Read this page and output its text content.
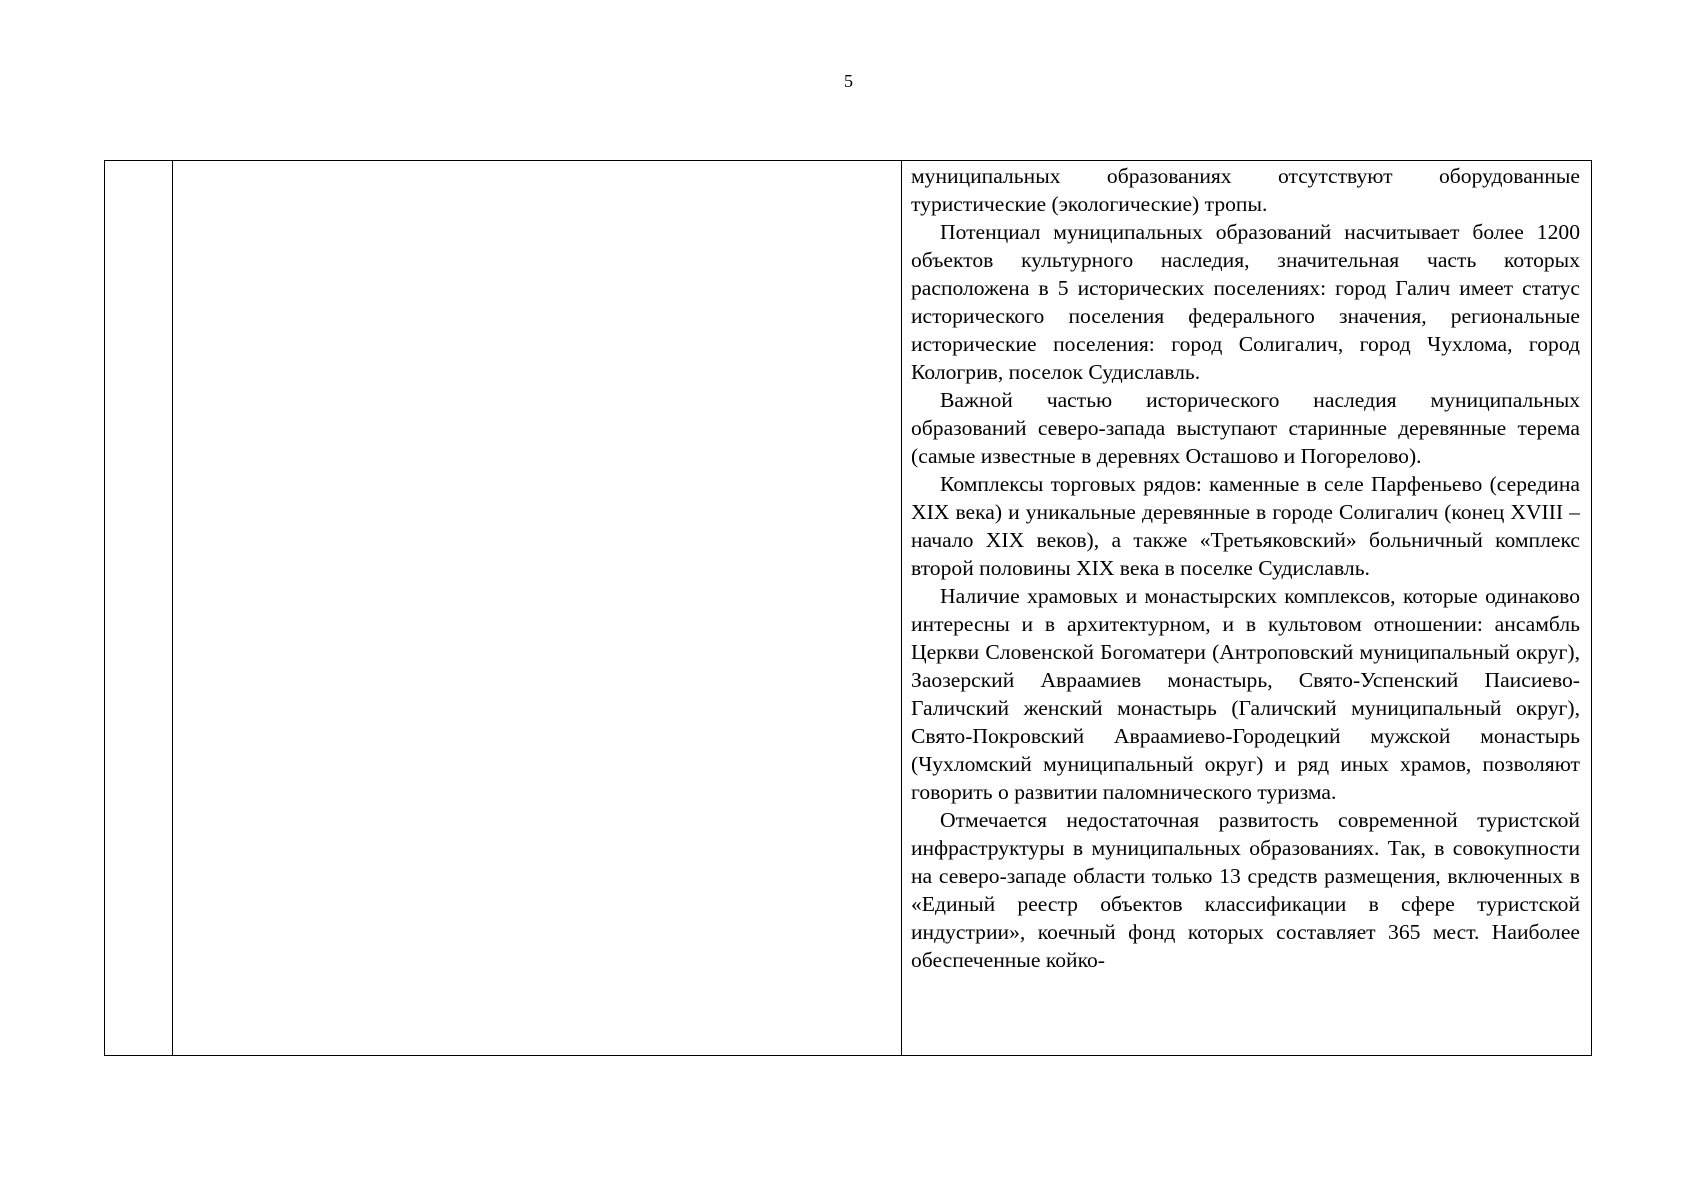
5

муниципальных образованиях отсутствуют оборудованные туристические (экологические) тропы.

Потенциал муниципальных образований насчитывает более 1200 объектов культурного наследия, значительная часть которых расположена в 5 исторических поселениях: город Галич имеет статус исторического поселения федерального значения, региональные исторические поселения: город Солигалич, город Чухлома, город Кологрив, поселок Судиславль.

Важной частью исторического наследия муниципальных образований северо-запада выступают старинные деревянные терема (самые известные в деревнях Осташово и Погорелово).

Комплексы торговых рядов: каменные в селе Парфеньево (середина XIX века) и уникальные деревянные в городе Солигалич (конец XVIII – начало XIX веков), а также «Третьяковский» больничный комплекс второй половины XIX века в поселке Судиславль.

Наличие храмовых и монастырских комплексов, которые одинаково интересны и в архитектурном, и в культовом отношении: ансамбль Церкви Словенской Богоматери (Антроповский муниципальный округ), Заозерский Авраамиев монастырь, Свято-Успенский Паисиево-Галичский женский монастырь (Галичский муниципальный округ), Свято-Покровский Авраамиево-Городецкий мужской монастырь (Чухломский муниципальный округ) и ряд иных храмов, позволяют говорить о развитии паломнического туризма.

Отмечается недостаточная развитость современной туристской инфраструктуры в муниципальных образованиях. Так, в совокупности на северо-западе области только 13 средств размещения, включенных в «Единый реестр объектов классификации в сфере туристской индустрии», коечный фонд которых составляет 365 мест. Наиболее обеспеченные койко-
